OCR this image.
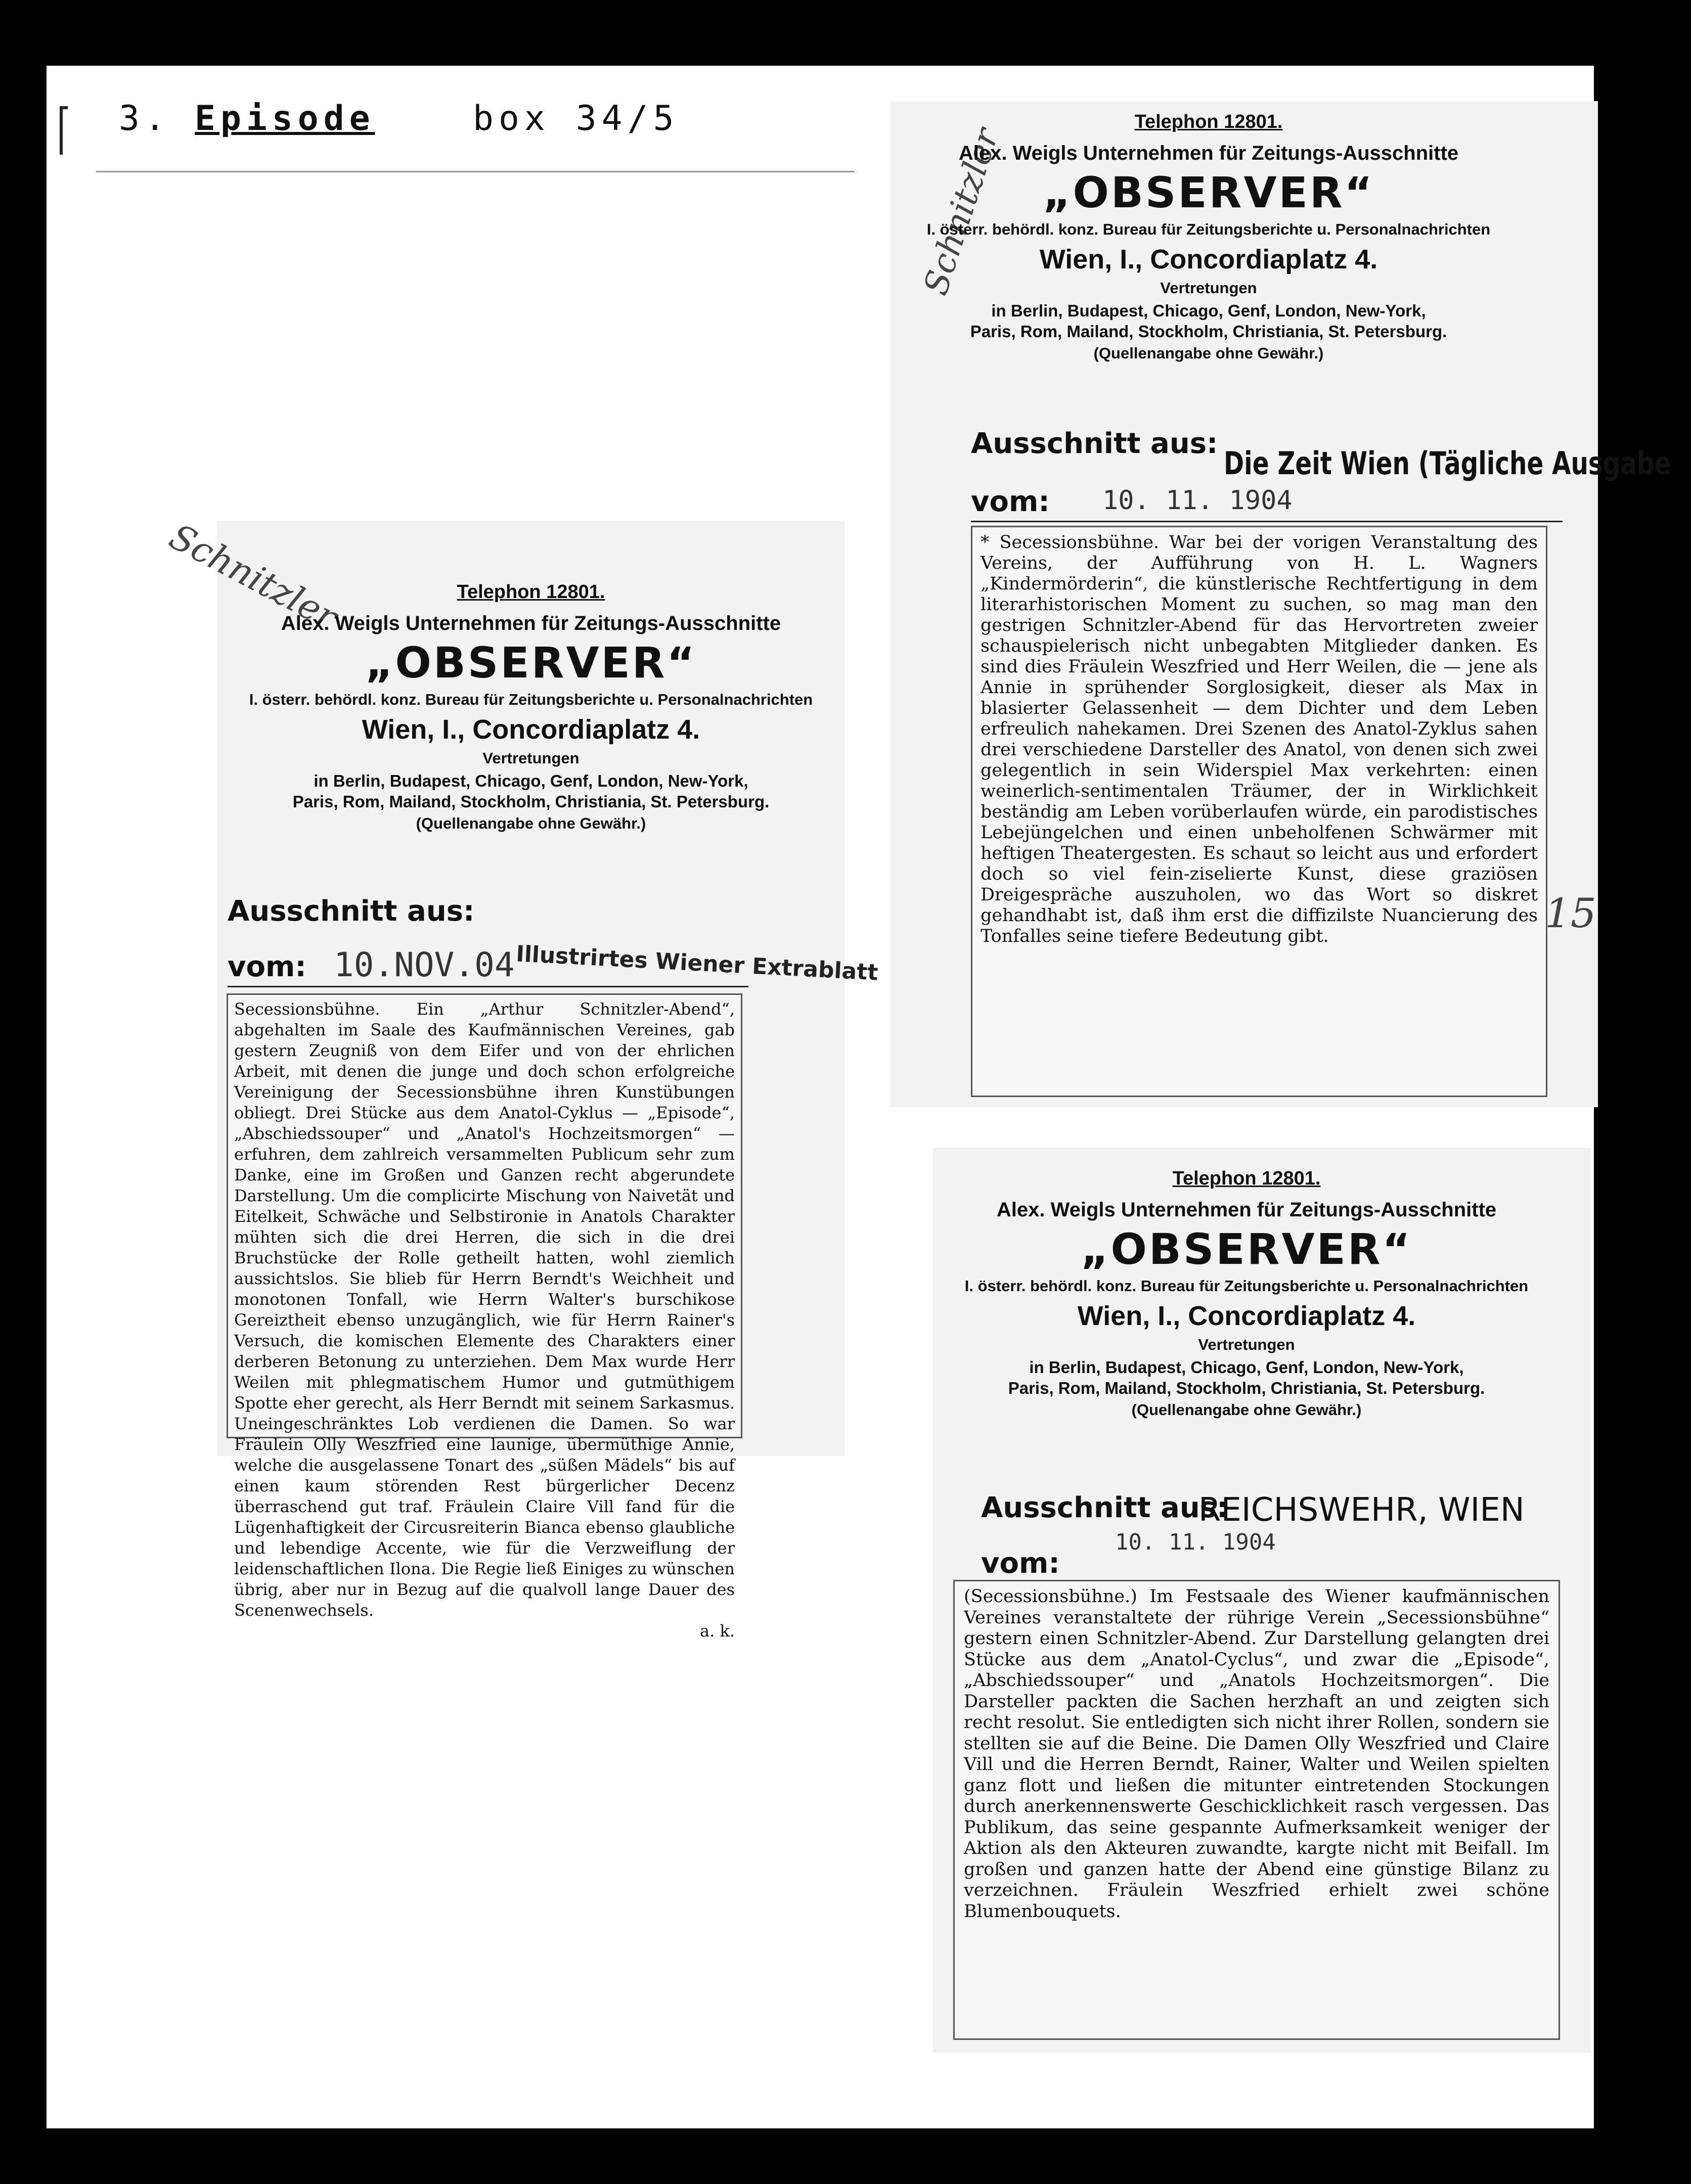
3. Episode	box 34/5
Schnitzler	Telephon 12801.
Alex. Weigls Unternehmen für Zeitungs-Ausschnitte
„OBSERVER“
I. österr. behördl. konz. Bureau für Zeitungsberichte u. Personalnachrichten
Wien, I., Concordiaplatz 4.
Vertretungen
in Berlin, Budapest, Chicago, Genf, London, New-York,
Paris, Rom, Mailand, Stockholm, Christiania, St. Petersburg.
(Quellenangabe ohne Gewähr.)
Ausschnitt aus:
vom: 10.NOV.04 Illustrirtes Wiener Extrablatt

Secessionsbühne. Ein „Arthur Schnitzler-Abend“, abgehalten im Saale des Kaufmännischen Vereines, gab gestern Zeugniß von dem Eifer und von der ehrlichen Arbeit, mit denen die junge und doch schon erfolgreiche Vereinigung der Secessionsbühne ihren Kunstübungen obliegt. Drei Stücke aus dem Anatol-Cyklus — „Episode“, „Abschiedssouper“ und „Anatol's Hochzeitsmorgen“ — erfuhren, dem zahlreich versammelten Publicum sehr zum Danke, eine im Großen und Ganzen recht abgerundete Darstellung. Um die complicirte Mischung von Naivetät und Eitelkeit, Schwäche und Selbstironie in Anatols Charakter mühten sich die drei Herren, die sich in die drei Bruchstücke der Rolle getheilt hatten, wohl ziemlich aussichtslos. Sie blieb für Herrn Berndt's Weichheit und monotonen Tonfall, wie Herrn Walter's burschikose Gereiztheit ebenso unzugänglich, wie für Herrn Rainer's Versuch, die komischen Elemente des Charakters einer derberen Betonung zu unterziehen. Dem Max wurde Herr Weilen mit phlegmatischem Humor und gutmüthigem Spotte eher gerecht, als Herr Berndt mit seinem Sarkasmus. Uneingeschränktes Lob verdienen die Damen. So war Fräulein Olly Weszfried eine launige, übermüthige Annie, welche die ausgelassene Tonart des „süßen Mädels“ bis auf einen kaum störenden Rest bürgerlicher Decenz überraschend gut traf. Fräulein Claire Vill fand für die Lügenhaftigkeit der Circusreiterin Bianca ebenso glaubliche und lebendige Accente, wie für die Verzweiflung der leidenschaftlichen Ilona. Die Regie ließ Einiges zu wünschen übrig, aber nur in Bezug auf die qualvoll lange Dauer des Scenenwechsels.

a. k.

Schnitzler
Telephon 12801.
Alex. Weigls Unternehmen für Zeitungs-Ausschnitte
„OBSERVER“
I. österr. behördl. konz. Bureau für Zeitungsberichte u. Personalnachrichten
Wien, I., Concordiaplatz 4.
Vertretungen
in Berlin, Budapest, Chicago, Genf, London, New-York,
Paris, Rom, Mailand, Stockholm, Christiania, St. Petersburg.
(Quellenangabe ohne Gewähr.)
Ausschnitt aus:
vom: 10. 11. 1904
Die Zeit Wien (Tägliche Ausgabe

* Secessionsbühne. War bei der vorigen Veranstaltung des Vereins, der Aufführung von H. L. Wagners „Kindermörderin“, die künstlerische Rechtfertigung in dem literarhistorischen Moment zu suchen, so mag man den gestrigen Schnitzler-Abend für das Hervortreten zweier schauspielerisch nicht unbegabten Mitglieder danken. Es sind dies Fräulein Weszfried und Herr Weilen, die — jene als Annie in sprühender Sorglosigkeit, dieser als Max in blasierter Gelassenheit — dem Dichter und dem Leben erfreulich nahekamen. Drei Szenen des Anatol-Zyklus sahen drei verschiedene Darsteller des Anatol, von denen sich zwei gelegentlich in sein Widerspiel Max verkehrten: einen weinerlich-sentimentalen Träumer, der in Wirklichkeit beständig am Leben vorüberlaufen würde, ein parodistisches Lebejüngelchen und einen unbeholfenen Schwärmer mit heftigen Theatergesten. Es schaut so leicht aus und erfordert doch so viel fein-ziselierte Kunst, diese graziösen Dreigespräche auszuholen, wo das Wort so diskret gehandhabt ist, daß ihm erst die diffizilste Nuancierung des Tonfalles seine tiefere Bedeutung gibt.	15
Telephon 12801.
Alex. Weigls Unternehmen für Zeitungs-Ausschnitte
„OBSERVER“
I. österr. behördl. konz. Bureau für Zeitungsberichte u. Personalnachrichten
Wien, I., Concordiaplatz 4.
Vertretungen
in Berlin, Budapest, Chicago, Genf, London, New-York,
Paris, Rom, Mailand, Stockholm, Christiania, St. Petersburg.
(Quellenangabe ohne Gewähr.)
Ausschnitt aus:
REICHSWEHR, WIEN
10. 11. 1904
vom:

(Secessionsbühne.) Im Festsaale des Wiener kaufmännischen Vereines veranstaltete der rührige Verein „Secessionsbühne“ gestern einen Schnitzler-Abend. Zur Darstellung gelangten drei Stücke aus dem „Anatol-Cyclus“, und zwar die „Episode“, „Abschiedssouper“ und „Anatols Hochzeitsmorgen“. Die Darsteller packten die Sachen herzhaft an und zeigten sich recht resolut. Sie entledigten sich nicht ihrer Rollen, sondern sie stellten sie auf die Beine. Die Damen Olly Weszfried und Claire Vill und die Herren Berndt, Rainer, Walter und Weilen spielten ganz flott und ließen die mitunter eintretenden Stockungen durch anerkennenswerte Geschicklichkeit rasch vergessen. Das Publikum, das seine gespannte Aufmerksamkeit weniger der Aktion als den Akteuren zuwandte, kargte nicht mit Beifall. Im großen und ganzen hatte der Abend eine günstige Bilanz zu verzeichnen. Fräulein Weszfried erhielt zwei schöne Blumenbouquets.
